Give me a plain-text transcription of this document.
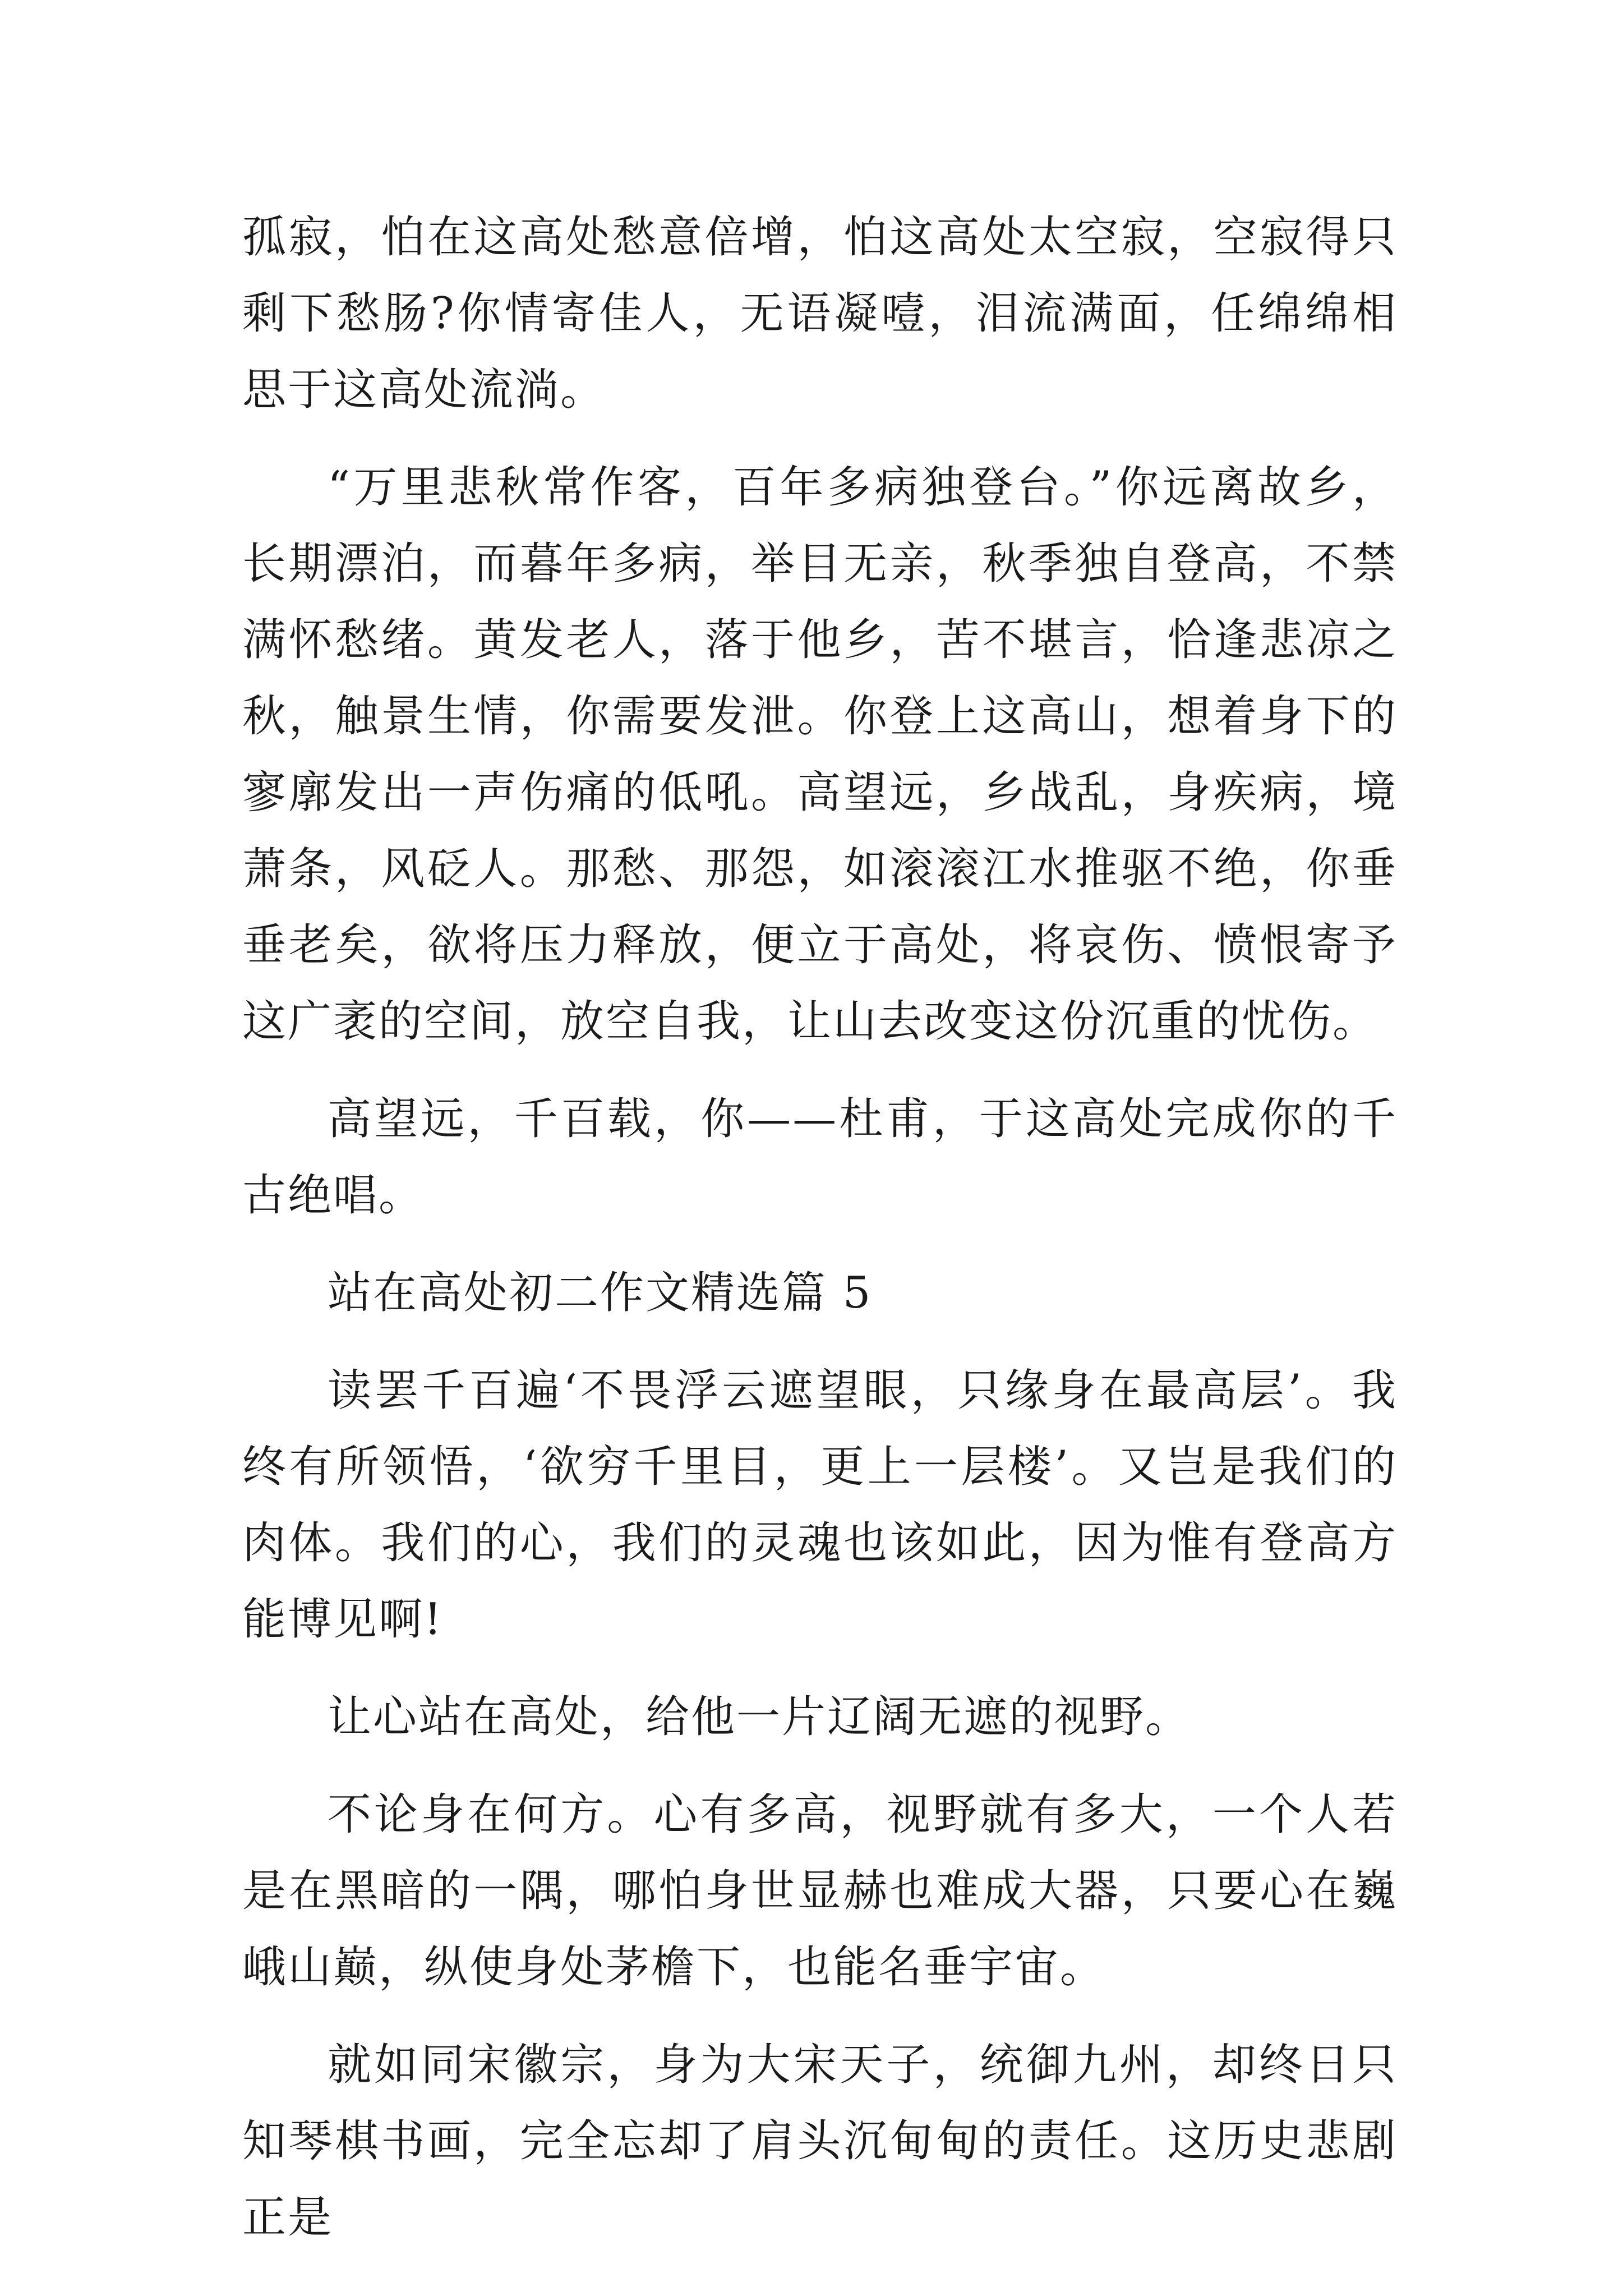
孤寂，怕在这高处愁意倍增，怕这高处太空寂，空寂得只剩下愁肠?你情寄佳人，无语凝噎，泪流满面，任绵绵相思于这高处流淌。

“万里悲秋常作客，百年多病独登台。”你远离故乡，长期漂泊，而暮年多病，举目无亲，秋季独自登高，不禁满怀愁绪。黄发老人，落于他乡，苦不堪言，恰逢悲凉之秋，触景生情，你需要发泄。你登上这高山，想着身下的寥廓发出一声伤痛的低吼。高望远，乡战乱，身疾病，境萧条，风砭人。那愁、那怨，如滚滚江水推驱不绝，你垂垂老矣，欲将压力释放，便立于高处，将哀伤、愤恨寄予这广袤的空间，放空自我，让山去改变这份沉重的忧伤。

高望远，千百载，你——杜甫，于这高处完成你的千古绝唱。

站在高处初二作文精选篇 5

读罢千百遍‘不畏浮云遮望眼，只缘身在最高层’。我终有所领悟，‘欲穷千里目，更上一层楼’。又岂是我们的肉体。我们的心，我们的灵魂也该如此，因为惟有登高方能博见啊!

让心站在高处，给他一片辽阔无遮的视野。

不论身在何方。心有多高，视野就有多大，一个人若是在黑暗的一隅，哪怕身世显赫也难成大器，只要心在巍峨山巅，纵使身处茅檐下，也能名垂宇宙。

就如同宋徽宗，身为大宋天子，统御九州，却终日只知琴棋书画，完全忘却了肩头沉甸甸的责任。这历史悲剧正是
